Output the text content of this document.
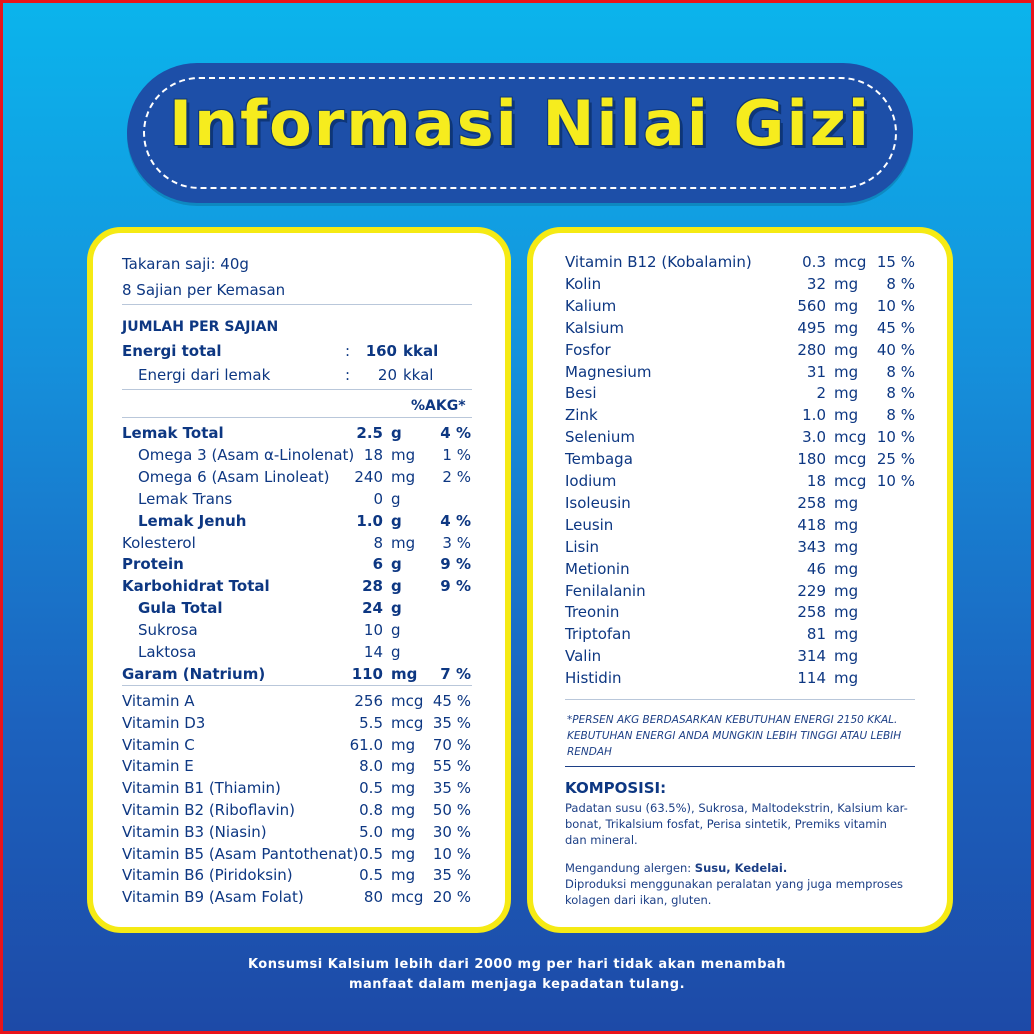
Informasi Nilai Gizi
Takaran saji: 40g
8 Sajian per Kemasan
JUMLAH PER SAJIAN
Energi total	:	160 kkal
Energi dari lemak	:	20 kkal
%AKG*
Lemak Total	2.5 g	4 %
Omega 3 (Asam α-Linolenat) 18 mg	1 %
Omega 6 (Asam Linoleat)	240 mg	2 %
Lemak Trans	0 g
Lemak Jenuh	1.0 g	4 %
Kolesterol	8 mg	3 %
Protein	6 g	9 %
Karbohidrat Total	28 g	9 %
Gula Total	24 g
Sukrosa	10 g
Laktosa	14 g
Garam (Natrium)	110 mg	7 %
Vitamin A	256 mcg 45 %
Vitamin D3	5.5 mcg 35 %
Vitamin C	61.0 mg	70 %
Vitamin E	8.0 mg	55 %
Vitamin B1 (Thiamin)	0.5 mg	35 %
Vitamin B2 (Riboflavin)	0.8 mg	50 %
Vitamin B3 (Niasin)	5.0 mg	30 %
Vitamin B5 (Asam Pantothenat) 0.5 mg	10 %
Vitamin B6 (Piridoksin)	0.5 mg	35 %
Vitamin B9 (Asam Folat)	80 mcg 20 %
Vitamin B12 (Kobalamin)	0.3 mcg 15 %
Kolin	32 mg	8 %
Kalium	560 mg	10 %
Kalsium	495 mg	45 %
Fosfor	280 mg	40 %
Magnesium	31 mg	8 %
Besi	2 mg	8 %
Zink	1.0 mg	8 %
Selenium	3.0 mcg 10 %
Tembaga	180 mcg 25 %
Iodium	18 mcg 10 %
Isoleusin	258 mg
Leusin	418 mg
Lisin	343 mg
Metionin	46 mg
Fenilalanin	229 mg
Treonin	258 mg
Triptofan	81 mg
Valin	314 mg
Histidin	114 mg
*PERSEN AKG BERDASARKAN KEBUTUHAN ENERGI 2150 KKAL.
KEBUTUHAN ENERGI ANDA MUNGKIN LEBIH TINGGI ATAU LEBIH
RENDAH
KOMPOSISI:
Padatan susu (63.5%), Sukrosa, Maltodekstrin, Kalsium kar-
bonat, Trikalsium fosfat, Perisa sintetik, Premiks vitamin
dan mineral.
Mengandung alergen: Susu, Kedelai.
Diproduksi menggunakan peralatan yang juga memproses
kolagen dari ikan, gluten.
Konsumsi Kalsium lebih dari 2000 mg per hari tidak akan menambah
manfaat dalam menjaga kepadatan tulang.
